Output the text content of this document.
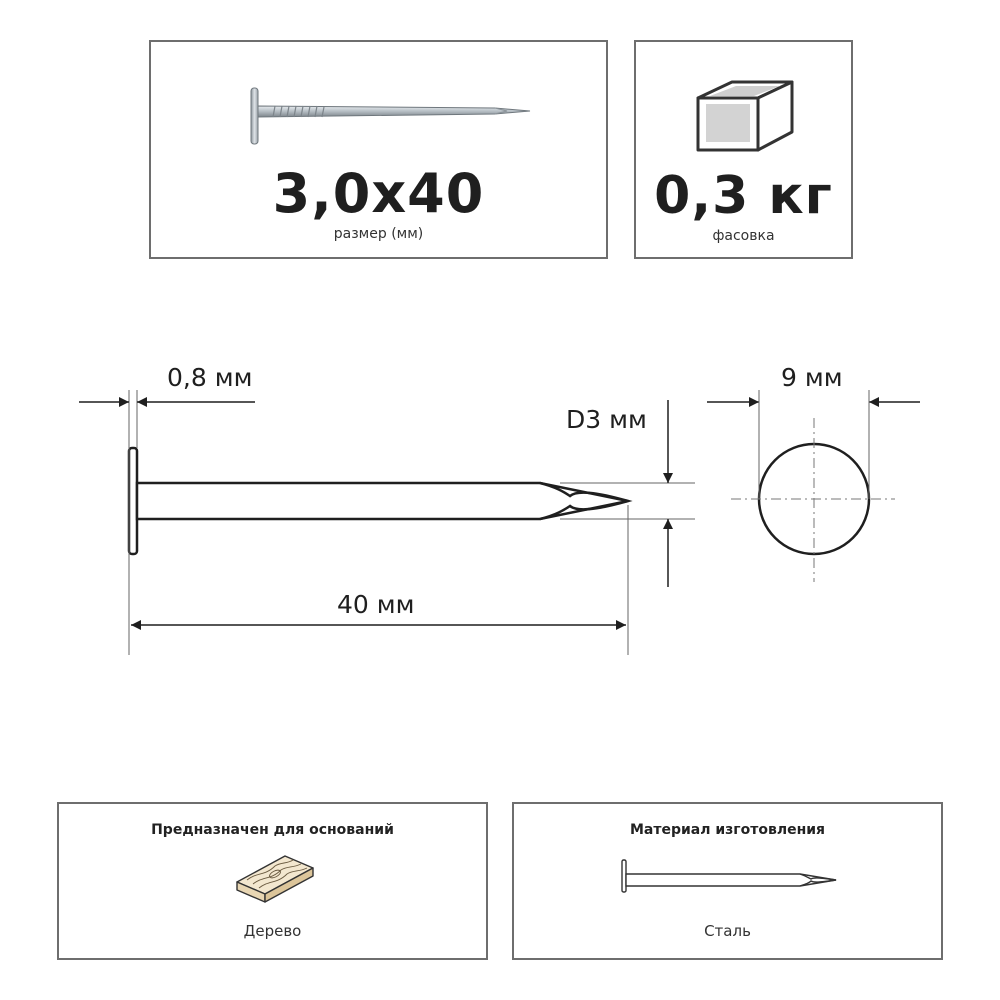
3,0x40
размер (мм)
0,3 кг
фасовка
0,8 мм
D3 мм
40 мм
9 мм
Предназначен для оснований
Дерево
Материал изготовления
Сталь
